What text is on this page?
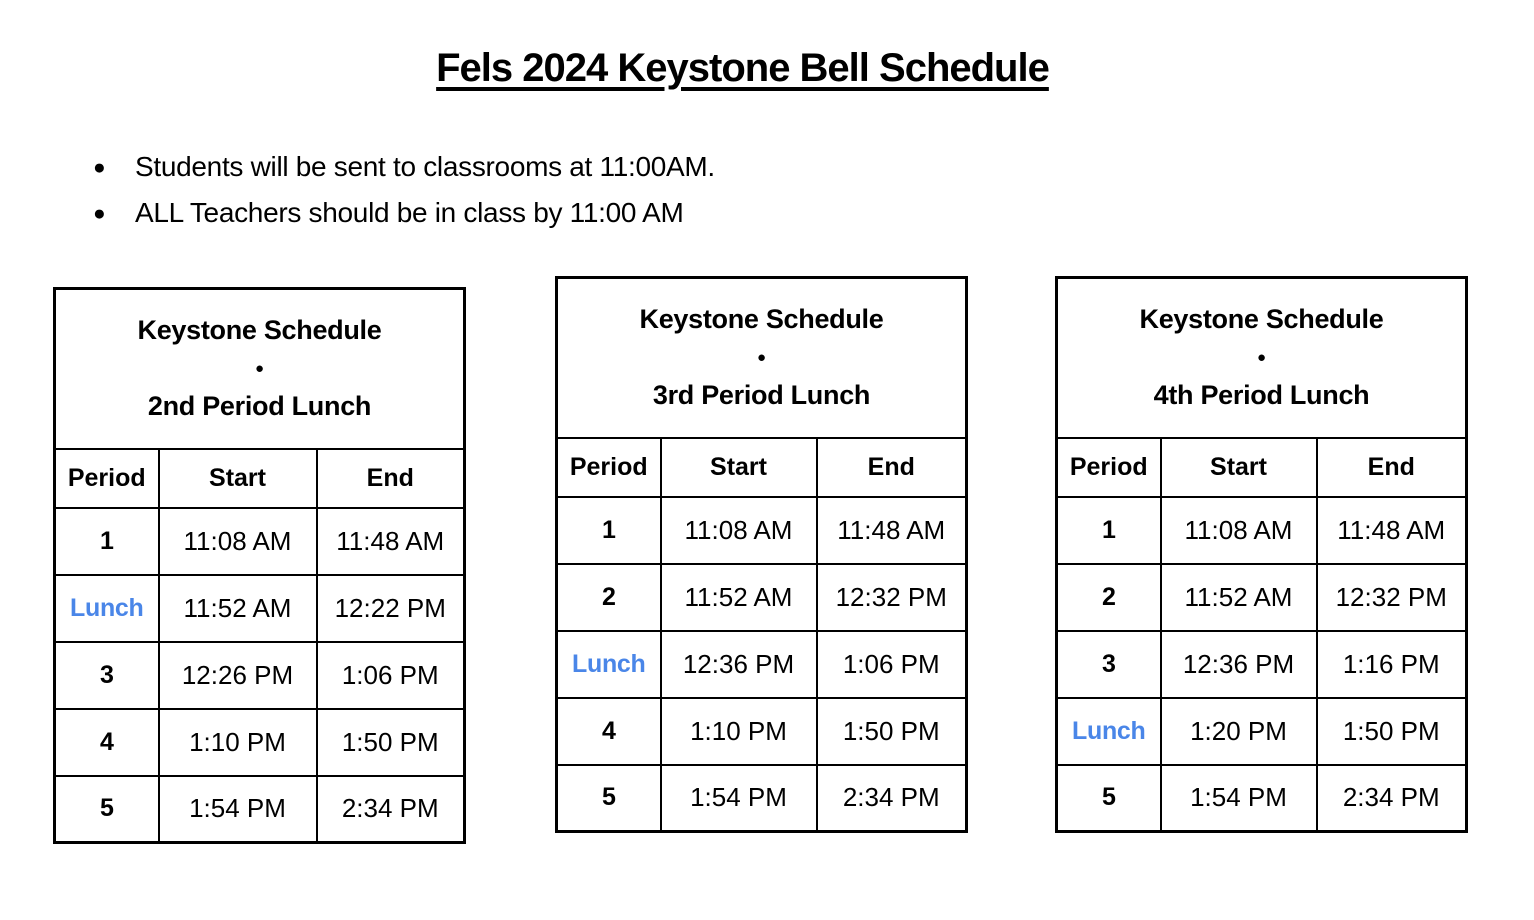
Fels 2024 Keystone Bell Schedule
● Students will be sent to classrooms at 11:00AM.
● ALL Teachers should be in class by 11:00 AM
Keystone Schedule
●
2nd Period Lunch		

Period	Start	End
1	11:08 AM	11:48 AM
Lunch	11:52 AM	12:22 PM
3	12:26 PM	1:06 PM
4	1:10 PM	1:50 PM
5	1:54 PM	2:34 PM
Keystone Schedule
●
3rd Period Lunch		

Period	Start	End
1	11:08 AM	11:48 AM
2	11:52 AM	12:32 PM
Lunch	12:36 PM	1:06 PM
4	1:10 PM	1:50 PM
5	1:54 PM	2:34 PM
Keystone Schedule
●
4th Period Lunch		

Period	Start	End
1	11:08 AM	11:48 AM
2	11:52 AM	12:32 PM
3	12:36 PM	1:16 PM
Lunch	1:20 PM	1:50 PM
5	1:54 PM	2:34 PM
